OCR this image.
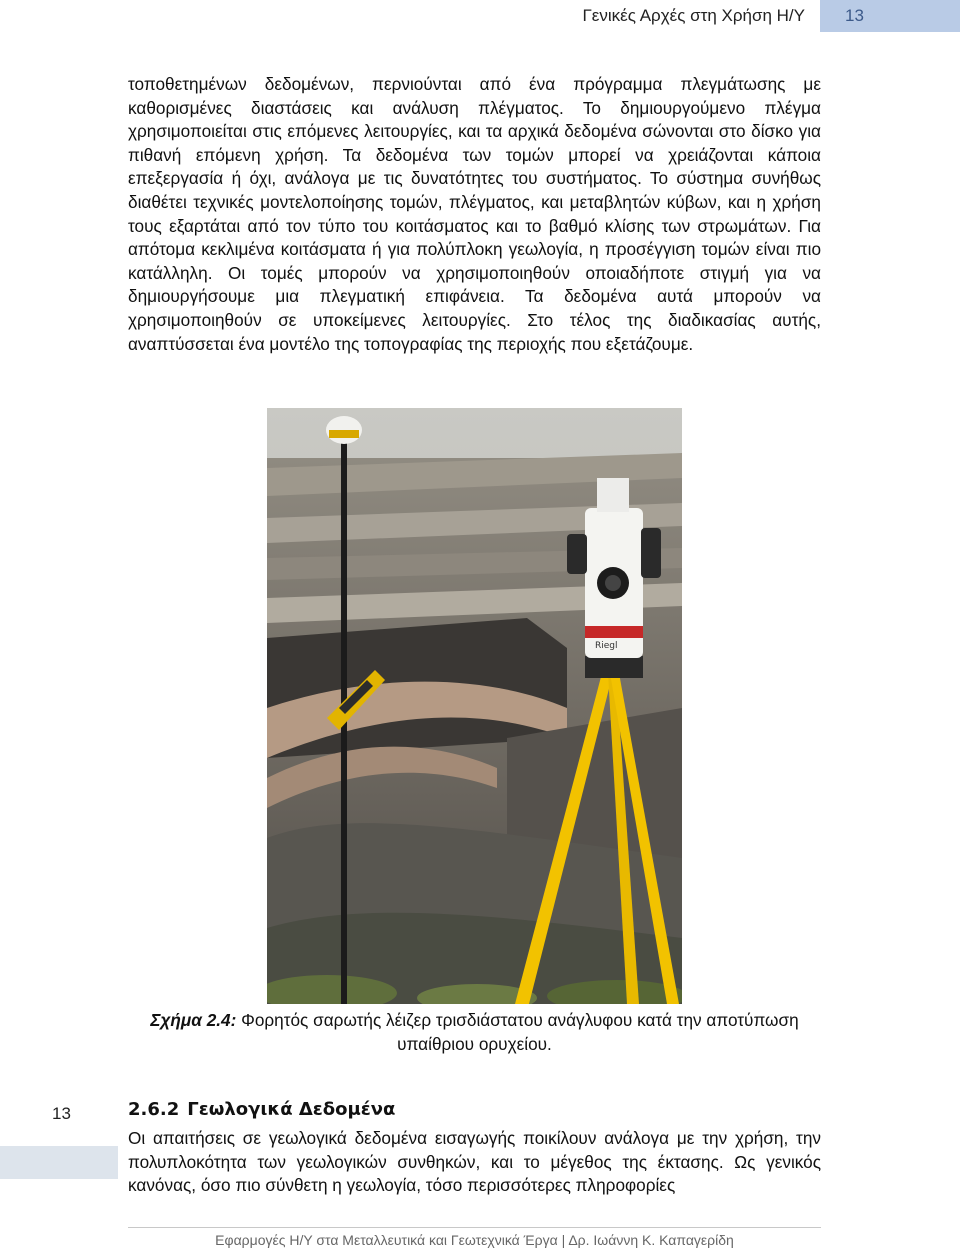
Γενικές Αρχές στη Χρήση Η/Υ	13

τοποθετημένων δεδομένων, περνιούνται από ένα πρόγραμμα πλεγμάτωσης με καθορισμένες διαστάσεις και ανάλυση πλέγματος. Το δημιουργούμενο πλέγμα χρησιμοποιείται στις επόμενες λειτουργίες, και τα αρχικά δεδομένα σώνονται στο δίσκο για πιθανή επόμενη χρήση. Τα δεδομένα των τομών μπορεί να χρειάζονται κάποια επεξεργασία ή όχι, ανάλογα με τις δυνατότητες του συστήματος. Το σύστημα συνήθως διαθέτει τεχνικές μοντελοποίησης τομών, πλέγματος, και μεταβλητών κύβων, και η χρήση τους εξαρτάται από τον τύπο του κοιτάσματος και το βαθμό κλίσης των στρωμάτων. Για απότομα κεκλιμένα κοιτάσματα ή για πολύπλοκη γεωλογία, η προσέγγιση τομών είναι πιο κατάλληλη. Οι τομές μπορούν να χρησιμοποιηθούν οποιαδήποτε στιγμή για να δημιουργήσουμε μια πλεγματική επιφάνεια. Τα δεδομένα αυτά μπορούν να χρησιμοποιηθούν σε υποκείμενες λειτουργίες. Στο τέλος της διαδικασίας αυτής, αναπτύσσεται ένα μοντέλο της τοπογραφίας της περιοχής που εξετάζουμε.

Riegl
Σχήμα 2.4: Φορητός σαρωτής λέιζερ τρισδιάστατου ανάγλυφου κατά την αποτύπωση υπαίθριου ορυχείου.
13	2.6.2 Γεωλογικά Δεδομένα
Οι απαιτήσεις σε γεωλογικά δεδομένα εισαγωγής ποικίλουν ανάλογα με την χρήση, την πολυπλοκότητα των γεωλογικών συνθηκών, και το μέγεθος της έκτασης. Ως γενικός κανόνας, όσο πιο σύνθετη η γεωλογία, τόσο περισσότερες πληροφορίες
Εφαρμογές Η/Υ στα Μεταλλευτικά και Γεωτεχνικά Έργα | Δρ. Ιωάννη Κ. Καπαγερίδη
